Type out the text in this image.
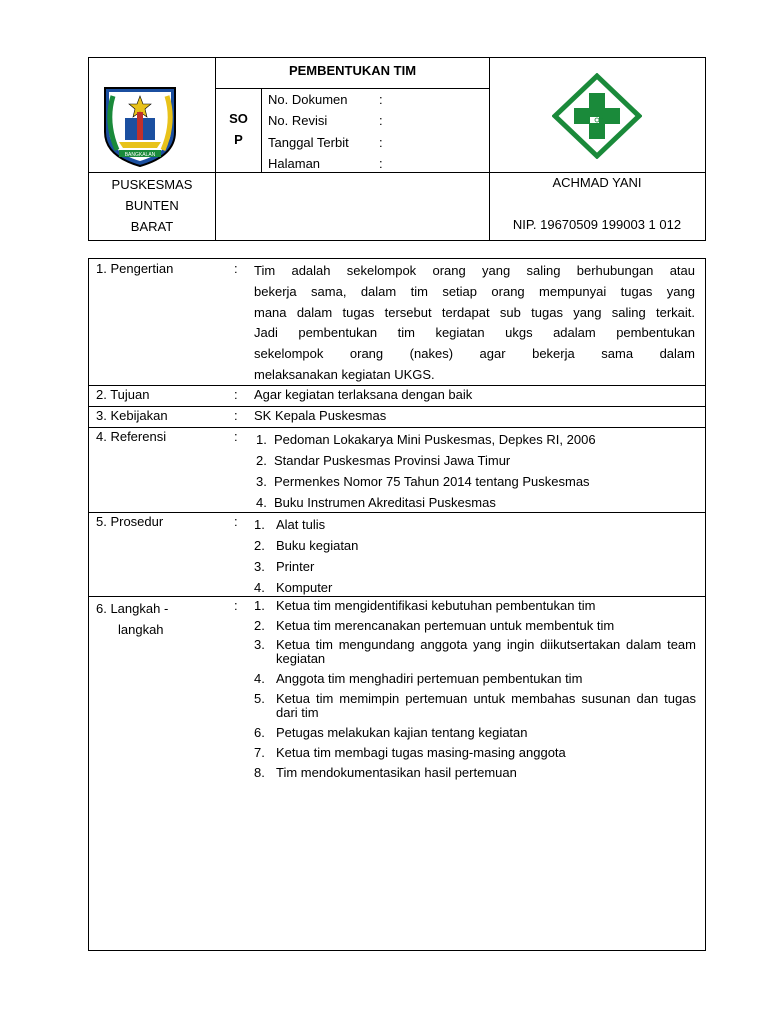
BANGKALAN
PEMBENTUKAN TIM
SO
P
No. Dokumen :
No. Revisi	:
Tanggal Terbit :
Halaman	:
PUSKESMAS
BUNTEN
BARAT
ACHMAD YANI
NIP. 19670509 199003 1 012
1. Pengertian	: Tim adalah sekelompok orang yang saling berhubungan atau
bekerja sama, dalam tim setiap orang mempunyai tugas yang
mana dalam tugas tersebut terdapat sub tugas yang saling terkait.
Jadi pembentukan tim kegiatan ukgs adalam pembentukan
sekelompok orang (nakes) agar bekerja sama dalam
melaksanakan kegiatan UKGS.
2. Tujuan	: Agar kegiatan terlaksana dengan baik
3. Kebijakan	: SK Kepala Puskesmas
4. Referensi	: 1. Pedoman Lokakarya Mini Puskesmas, Depkes RI, 2006
2. Standar Puskesmas Provinsi Jawa Timur
3. Permenkes Nomor 75 Tahun 2014 tentang Puskesmas
4. Buku Instrumen Akreditasi Puskesmas
5. Prosedur	: 1. Alat tulis
2. Buku kegiatan
3. Printer
4. Komputer
6. Langkah -
langkah
: 1. Ketua tim mengidentifikasi kebutuhan pembentukan tim
2. Ketua tim merencanakan pertemuan untuk membentuk tim
3. Ketua tim mengundang anggota yang ingin diikutsertakan dalam team kegiatan
4. Anggota tim menghadiri pertemuan pembentukan tim
5. Ketua tim memimpin pertemuan untuk membahas susunan dan tugas dari tim
6. Petugas melakukan kajian tentang kegiatan
7. Ketua tim membagi tugas masing-masing anggota
8. Tim mendokumentasikan hasil pertemuan
